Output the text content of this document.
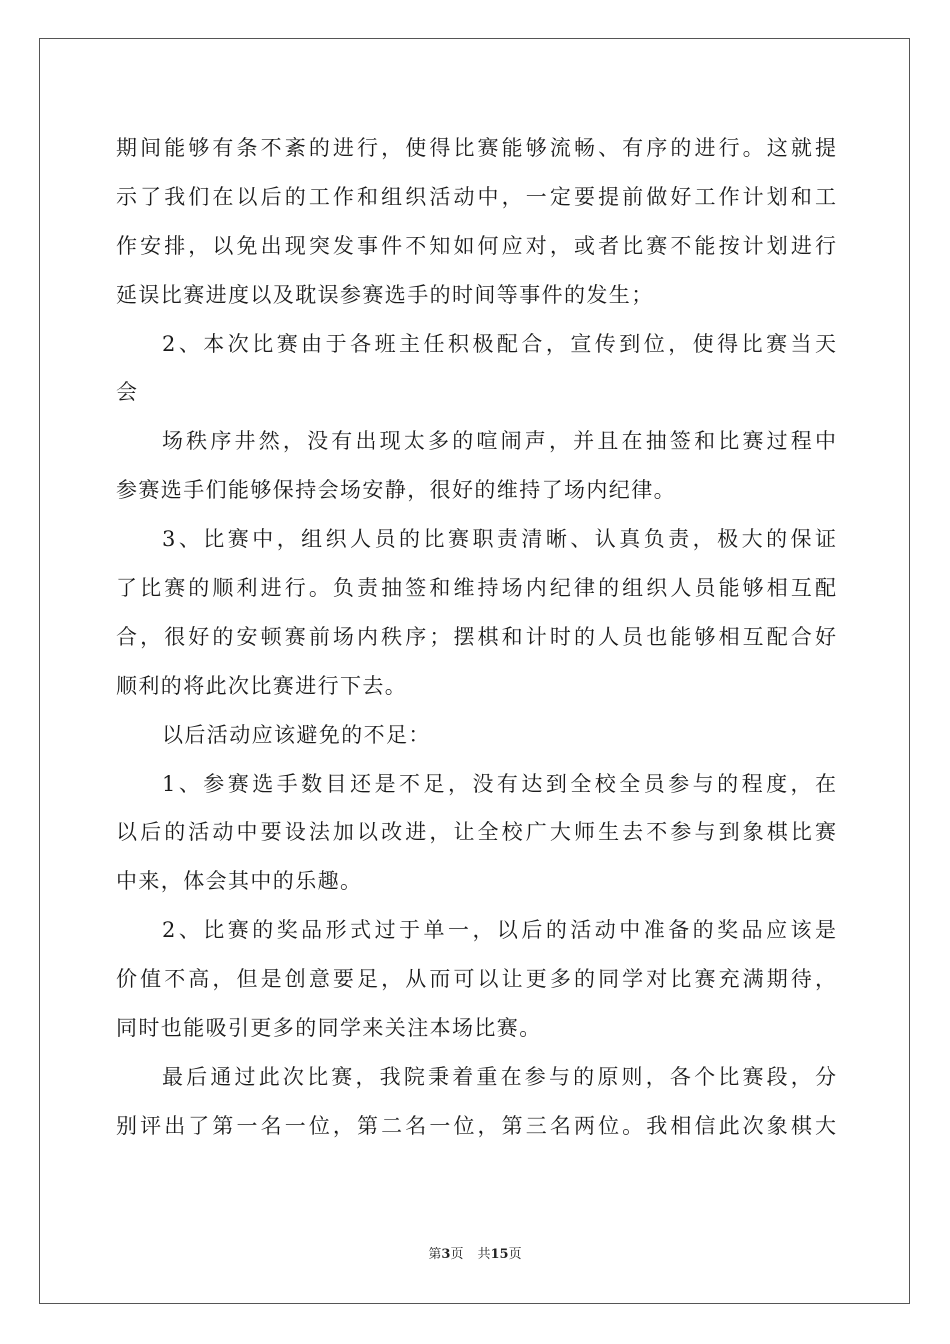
期间能够有条不紊的进行，使得比赛能够流畅、有序的进行。这就提
示了我们在以后的工作和组织活动中，一定要提前做好工作计划和工
作安排，以免出现突发事件不知如何应对，或者比赛不能按计划进行
延误比赛进度以及耽误参赛选手的时间等事件的发生；
2、本次比赛由于各班主任积极配合，宣传到位，使得比赛当天
会
场秩序井然，没有出现太多的喧闹声，并且在抽签和比赛过程中
参赛选手们能够保持会场安静，很好的维持了场内纪律。
3、比赛中，组织人员的比赛职责清晰、认真负责，极大的保证
了比赛的顺利进行。负责抽签和维持场内纪律的组织人员能够相互配
合，很好的安顿赛前场内秩序；摆棋和计时的人员也能够相互配合好
顺利的将此次比赛进行下去。
以后活动应该避免的不足：
1、参赛选手数目还是不足，没有达到全校全员参与的程度，在
以后的活动中要设法加以改进，让全校广大师生去不参与到象棋比赛
中来，体会其中的乐趣。
2、比赛的奖品形式过于单一，以后的活动中准备的奖品应该是
价值不高，但是创意要足，从而可以让更多的同学对比赛充满期待，
同时也能吸引更多的同学来关注本场比赛。
最后通过此次比赛，我院秉着重在参与的原则，各个比赛段，分
别评出了第一名一位，第二名一位，第三名两位。我相信此次象棋大
第3页 共15页
